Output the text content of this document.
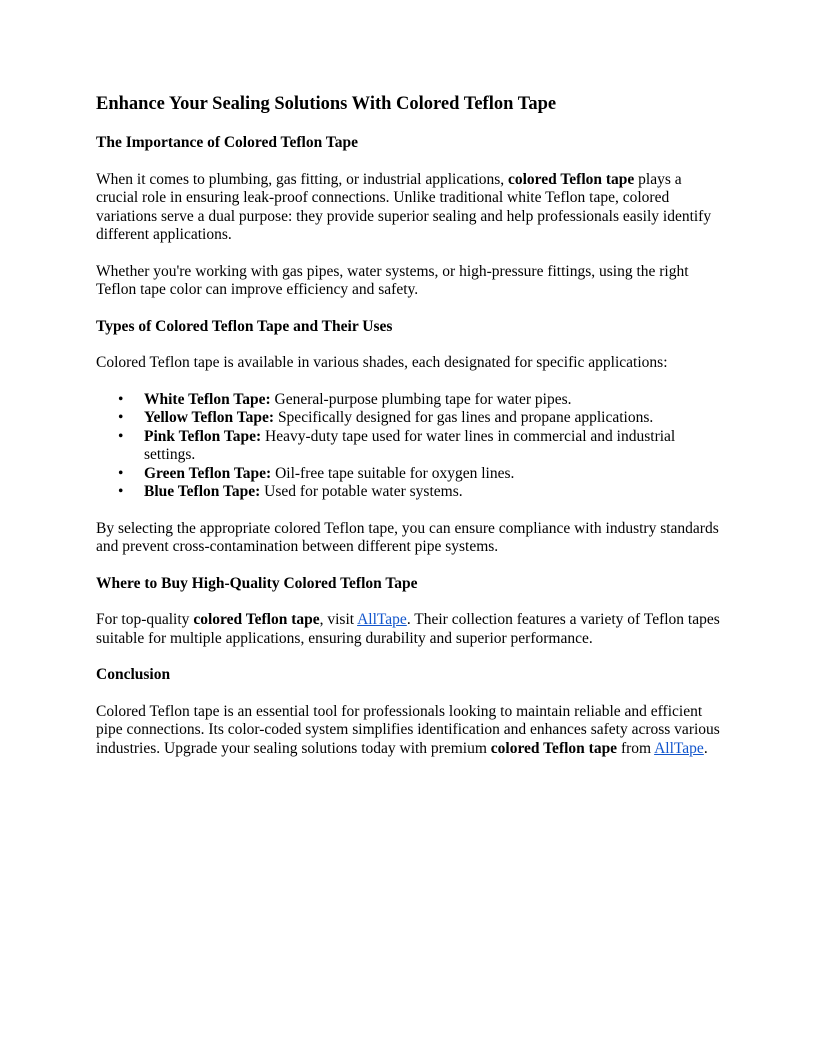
Enhance Your Sealing Solutions With Colored Teflon Tape
The Importance of Colored Teflon Tape

When it comes to plumbing, gas fitting, or industrial applications, colored Teflon tape plays a crucial role in ensuring leak-proof connections. Unlike traditional white Teflon tape, colored variations serve a dual purpose: they provide superior sealing and help professionals easily identify different applications.

Whether you're working with gas pipes, water systems, or high-pressure fittings, using the right Teflon tape color can improve efficiency and safety.

Types of Colored Teflon Tape and Their Uses

Colored Teflon tape is available in various shades, each designated for specific applications:

• White Teflon Tape: General-purpose plumbing tape for water pipes.
• Yellow Teflon Tape: Specifically designed for gas lines and propane applications.
• Pink Teflon Tape: Heavy-duty tape used for water lines in commercial and industrial settings.
• Green Teflon Tape: Oil-free tape suitable for oxygen lines.
• Blue Teflon Tape: Used for potable water systems.

By selecting the appropriate colored Teflon tape, you can ensure compliance with industry standards and prevent cross-contamination between different pipe systems.

Where to Buy High-Quality Colored Teflon Tape

For top-quality colored Teflon tape, visit AllTape. Their collection features a variety of Teflon tapes suitable for multiple applications, ensuring durability and superior performance.

Conclusion

Colored Teflon tape is an essential tool for professionals looking to maintain reliable and efficient pipe connections. Its color-coded system simplifies identification and enhances safety across various industries. Upgrade your sealing solutions today with premium colored Teflon tape from AllTape.
